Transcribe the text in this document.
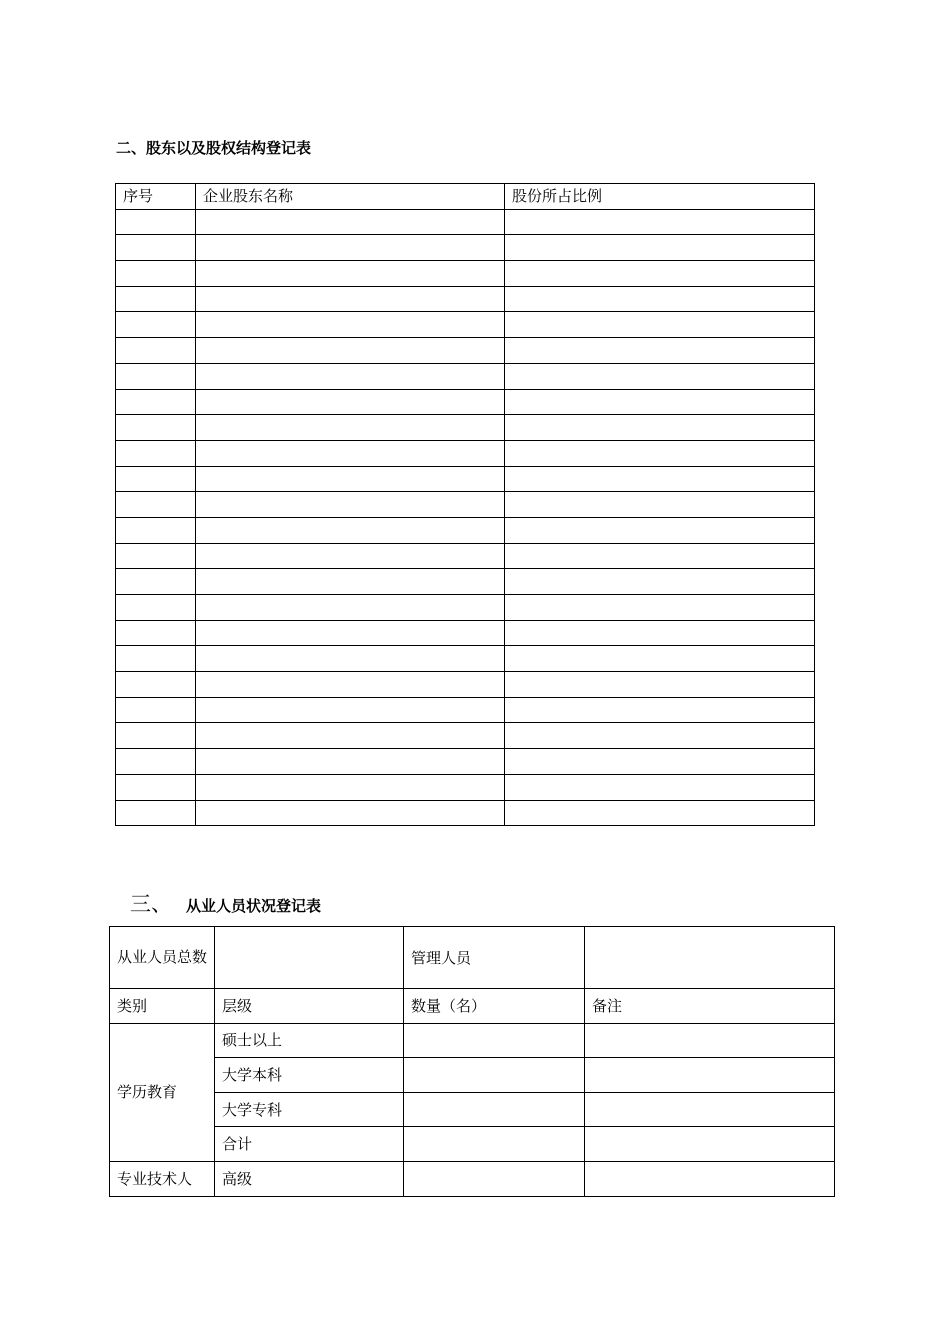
二、股东以及股权结构登记表
序号	企业股东名称	股份所占比例

三、 从业人员状况登记表
从业人员总数		管理人员	
类别	层级	数量（名）	备注
学历教育	硕士以上		
	大学本科		
	大学专科		
	合计		
专业技术人	高级		
